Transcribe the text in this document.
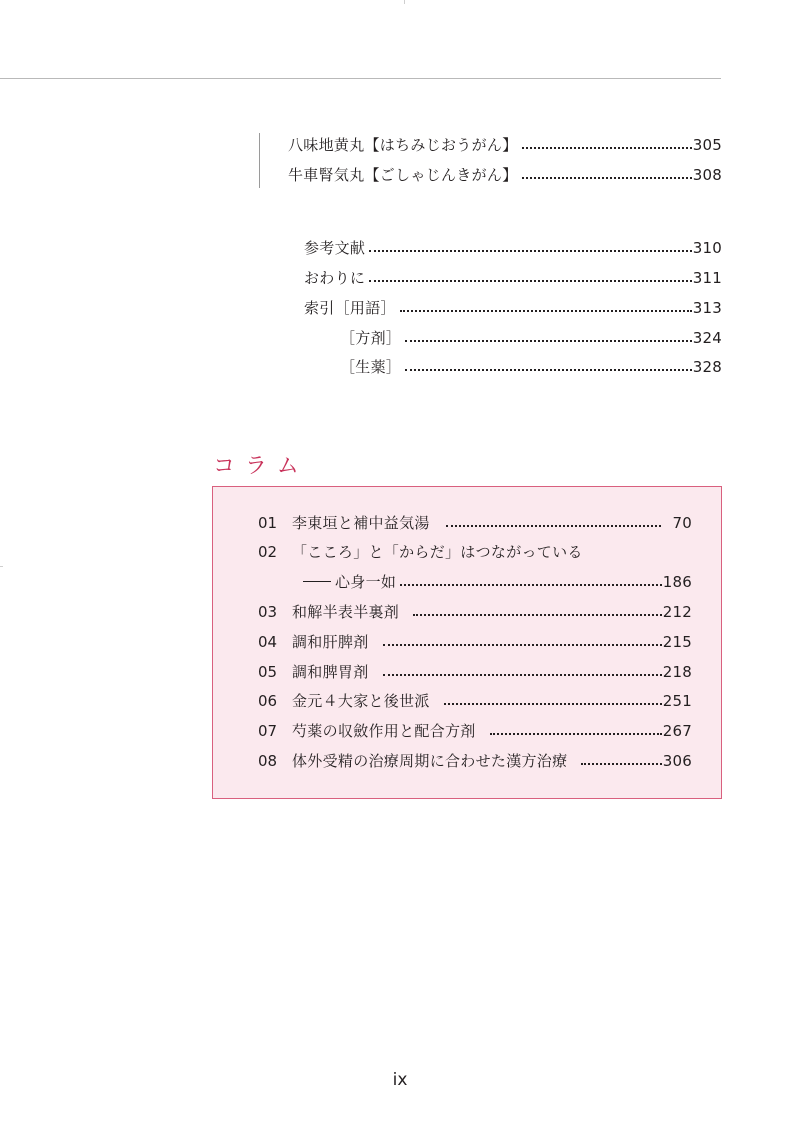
八味地黄丸【はちみじおうがん】	305
牛車腎気丸【ごしゃじんきがん】	308
参考文献	310
おわりに	311
索引［用語］	313
［方剤］	324
［生薬］	328
コラム
01 李東垣と補中益気湯	70
02 「こころ」と「からだ」はつながっている
心身一如	186
03 和解半表半裏剤	212
04 調和肝脾剤	215
05 調和脾胃剤	218
06 金元４大家と後世派	251
07 芍薬の収斂作用と配合方剤	267
08 体外受精の治療周期に合わせた漢方治療	306
ix
